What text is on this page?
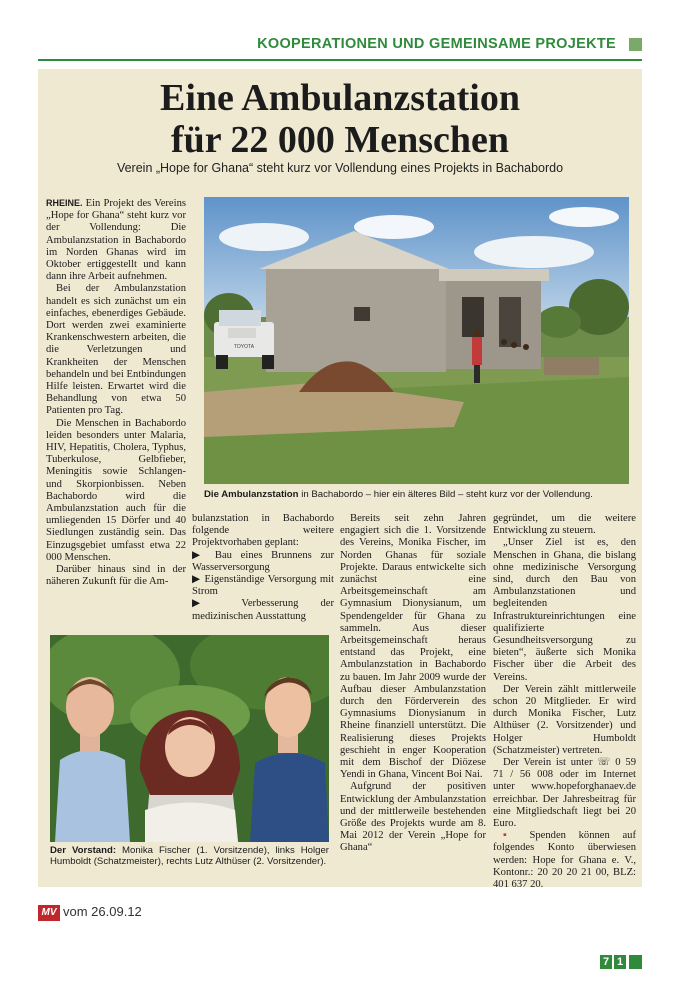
KOOPERATIONEN UND GEMEINSAME PROJEKTE
Eine Ambulanzstation
für 22 000 Menschen
Verein „Hope for Ghana“ steht kurz vor Vollendung eines Projekts in Bachabordo

RHEINE. Ein Projekt des Vereins „Hope for Ghana“ steht kurz vor der Vollendung: Die Ambulanzstation in Bachabordo im Norden Ghanas wird im Oktober ertiggestellt und kann dann ihre Arbeit aufnehmen.

Bei der Ambulanzstation handelt es sich zunächst um ein einfaches, ebenerdiges Gebäude. Dort werden zwei examinierte Krankenschwestern arbeiten, die die Verletzungen und Krankheiten der Menschen behandeln und bei Entbindungen Hilfe leisten. Erwartet wird die Behandlung von etwa 50 Patienten pro Tag.

Die Menschen in Bachabordo leiden besonders unter Malaria, HIV, Hepatitis, Cholera, Typhus, Tuberkulose, Gelbfieber, Meningitis sowie Schlangen- und Skorpionbissen. Neben Bachabordo wird die Ambulanzstation auch für die umliegenden 15 Dörfer und 40 Siedlungen zuständig sein. Das Einzugsgebiet umfasst etwa 22 000 Menschen.

Darüber hinaus sind in der näheren Zukunft für die Am-

TOYOTA
Die Ambulanzstation in Bachabordo – hier ein älteres Bild – steht kurz vor der Vollendung.

bulanzstation in Bachabordo folgende weitere Projektvorhaben geplant:

▶ Bau eines Brunnens zur Wasserversorgung

▶ Eigenständige Versorgung mit Strom

▶ Verbesserung der medizinischen Ausstattung

Bereits seit zehn Jahren engagiert sich die 1. Vorsitzende des Vereins, Monika Fischer, im Norden Ghanas für soziale Projekte. Daraus entwickelte sich zunächst eine Arbeitsgemeinschaft am Gymnasium Dionysianum, um Spendengelder für Ghana zu sammeln. Aus dieser Arbeitsgemeinschaft heraus entstand das Projekt, eine Ambulanzstation in Bachabordo zu bauen. Im Jahr 2009 wurde der Aufbau dieser Ambulanzstation durch den Förderverein des Gymnasiums Dionysianum in Rheine finanziell unterstützt. Die Realisierung dieses Projekts geschieht in enger Kooperation mit dem Bischof der Diözese Yendi in Ghana, Vincent Boi Nai.

Aufgrund der positiven Entwicklung der Ambulanzstation und der mittlerweile bestehenden Größe des Projekts wurde am 8. Mai 2012 der Verein „Hope for Ghana“

gegründet, um die weitere Entwicklung zu steuern.

„Unser Ziel ist es, den Menschen in Ghana, die bislang ohne medizinische Versorgung sind, durch den Bau von Ambulanzstationen und begleitenden Infrastruktureinrichtungen eine qualifizierte Gesundheitsversorgung zu bieten“, äußerte sich Monika Fischer über die Arbeit des Vereins.

Der Verein zählt mittlerweile schon 20 Mitglieder. Er wird durch Monika Fischer, Lutz Althüser (2. Vorsitzender) und Holger Humboldt (Schatzmeister) vertreten.

Der Verein ist unter ☏ 0 59 71 / 56 008 oder im Internet unter www.hopeforghanaev.de erreichbar. Der Jahresbeitrag für eine Mitgliedschaft liegt bei 20 Euro.

▪ Spenden können auf folgendes Konto überwiesen werden: Hope for Ghana e. V., Kontonr.: 20 20 20 21 00, BLZ: 401 637 20.

Der Vorstand: Monika Fischer (1. Vorsitzende), links Holger Humboldt (Schatzmeister), rechts Lutz Althüser (2. Vorsitzender).
MV vom 26.09.12
7 1
